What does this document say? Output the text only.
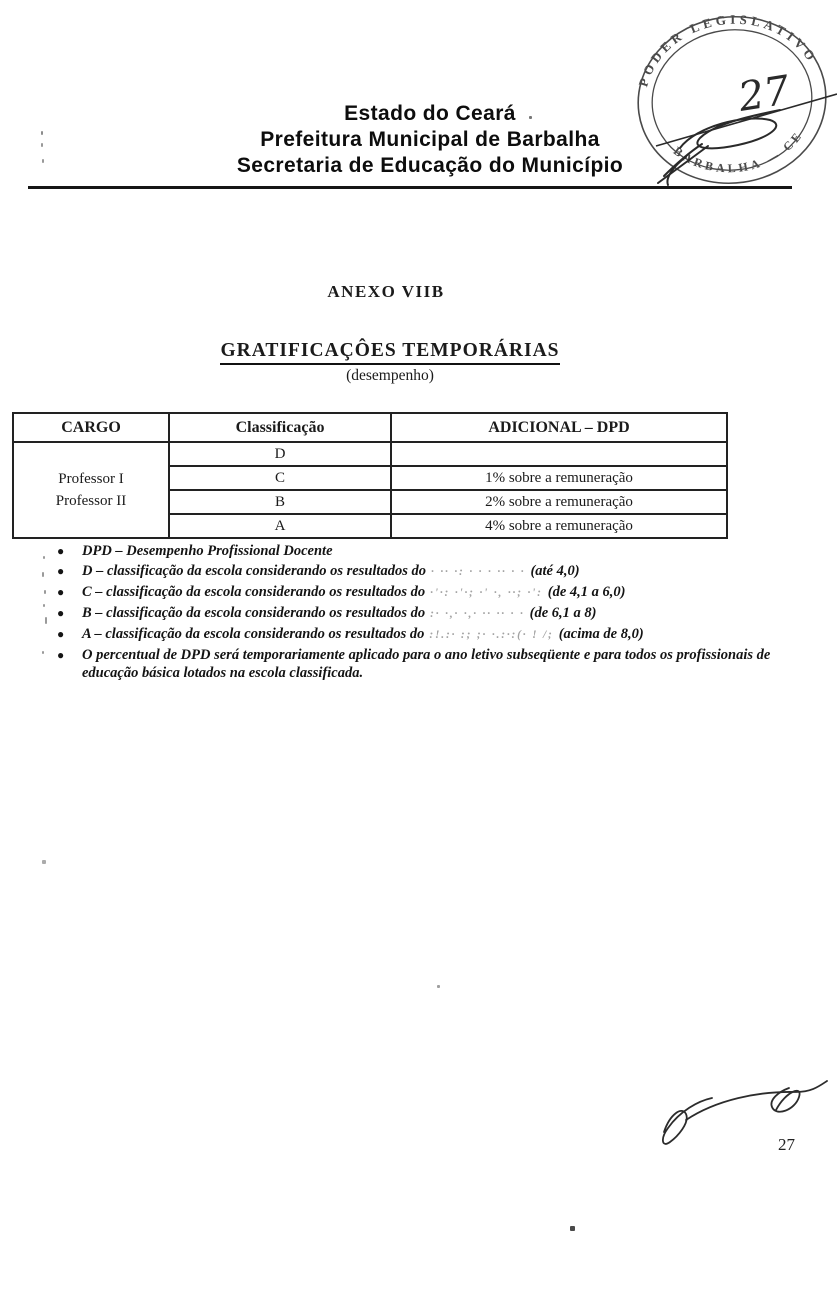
Estado do Ceará
Prefeitura Municipal de Barbalha
Secretaria de Educação do Município
PODER LEGISLATIVO
BARBALHA — CE
27
ANEXO VIIB
GRATIFICAÇÔES TEMPORÁRIAS
(desempenho)
CARGO	Classificação	ADICIONAL – DPD

Professor I
Professor II	D	
	C	1% sobre a remuneração
	B	2% sobre a remuneração
	A	4% sobre a remuneração
●	DPD – Desempenho Profissional Docente
●	D – classificação da escola considerando os resultados do · ·· ·: · · · ·· · · (até 4,0)
●	C – classificação da escola considerando os resultados do ·'·: ·'·; ·' ·, ··; ·': (de 4,1 a 6,0)
●	B – classificação da escola considerando os resultados do :· ·,· ·,· ·· ·· · · (de 6,1 a 8)
●	A – classificação da escola considerando os resultados do :!.:· :; ;· ·.:·:(· ! /; (acima de 8,0)
●	O percentual de DPD será temporariamente aplicado para o ano letivo subseqüente e para todos os profissionais de educação básica lotados na escola classificada.
27
